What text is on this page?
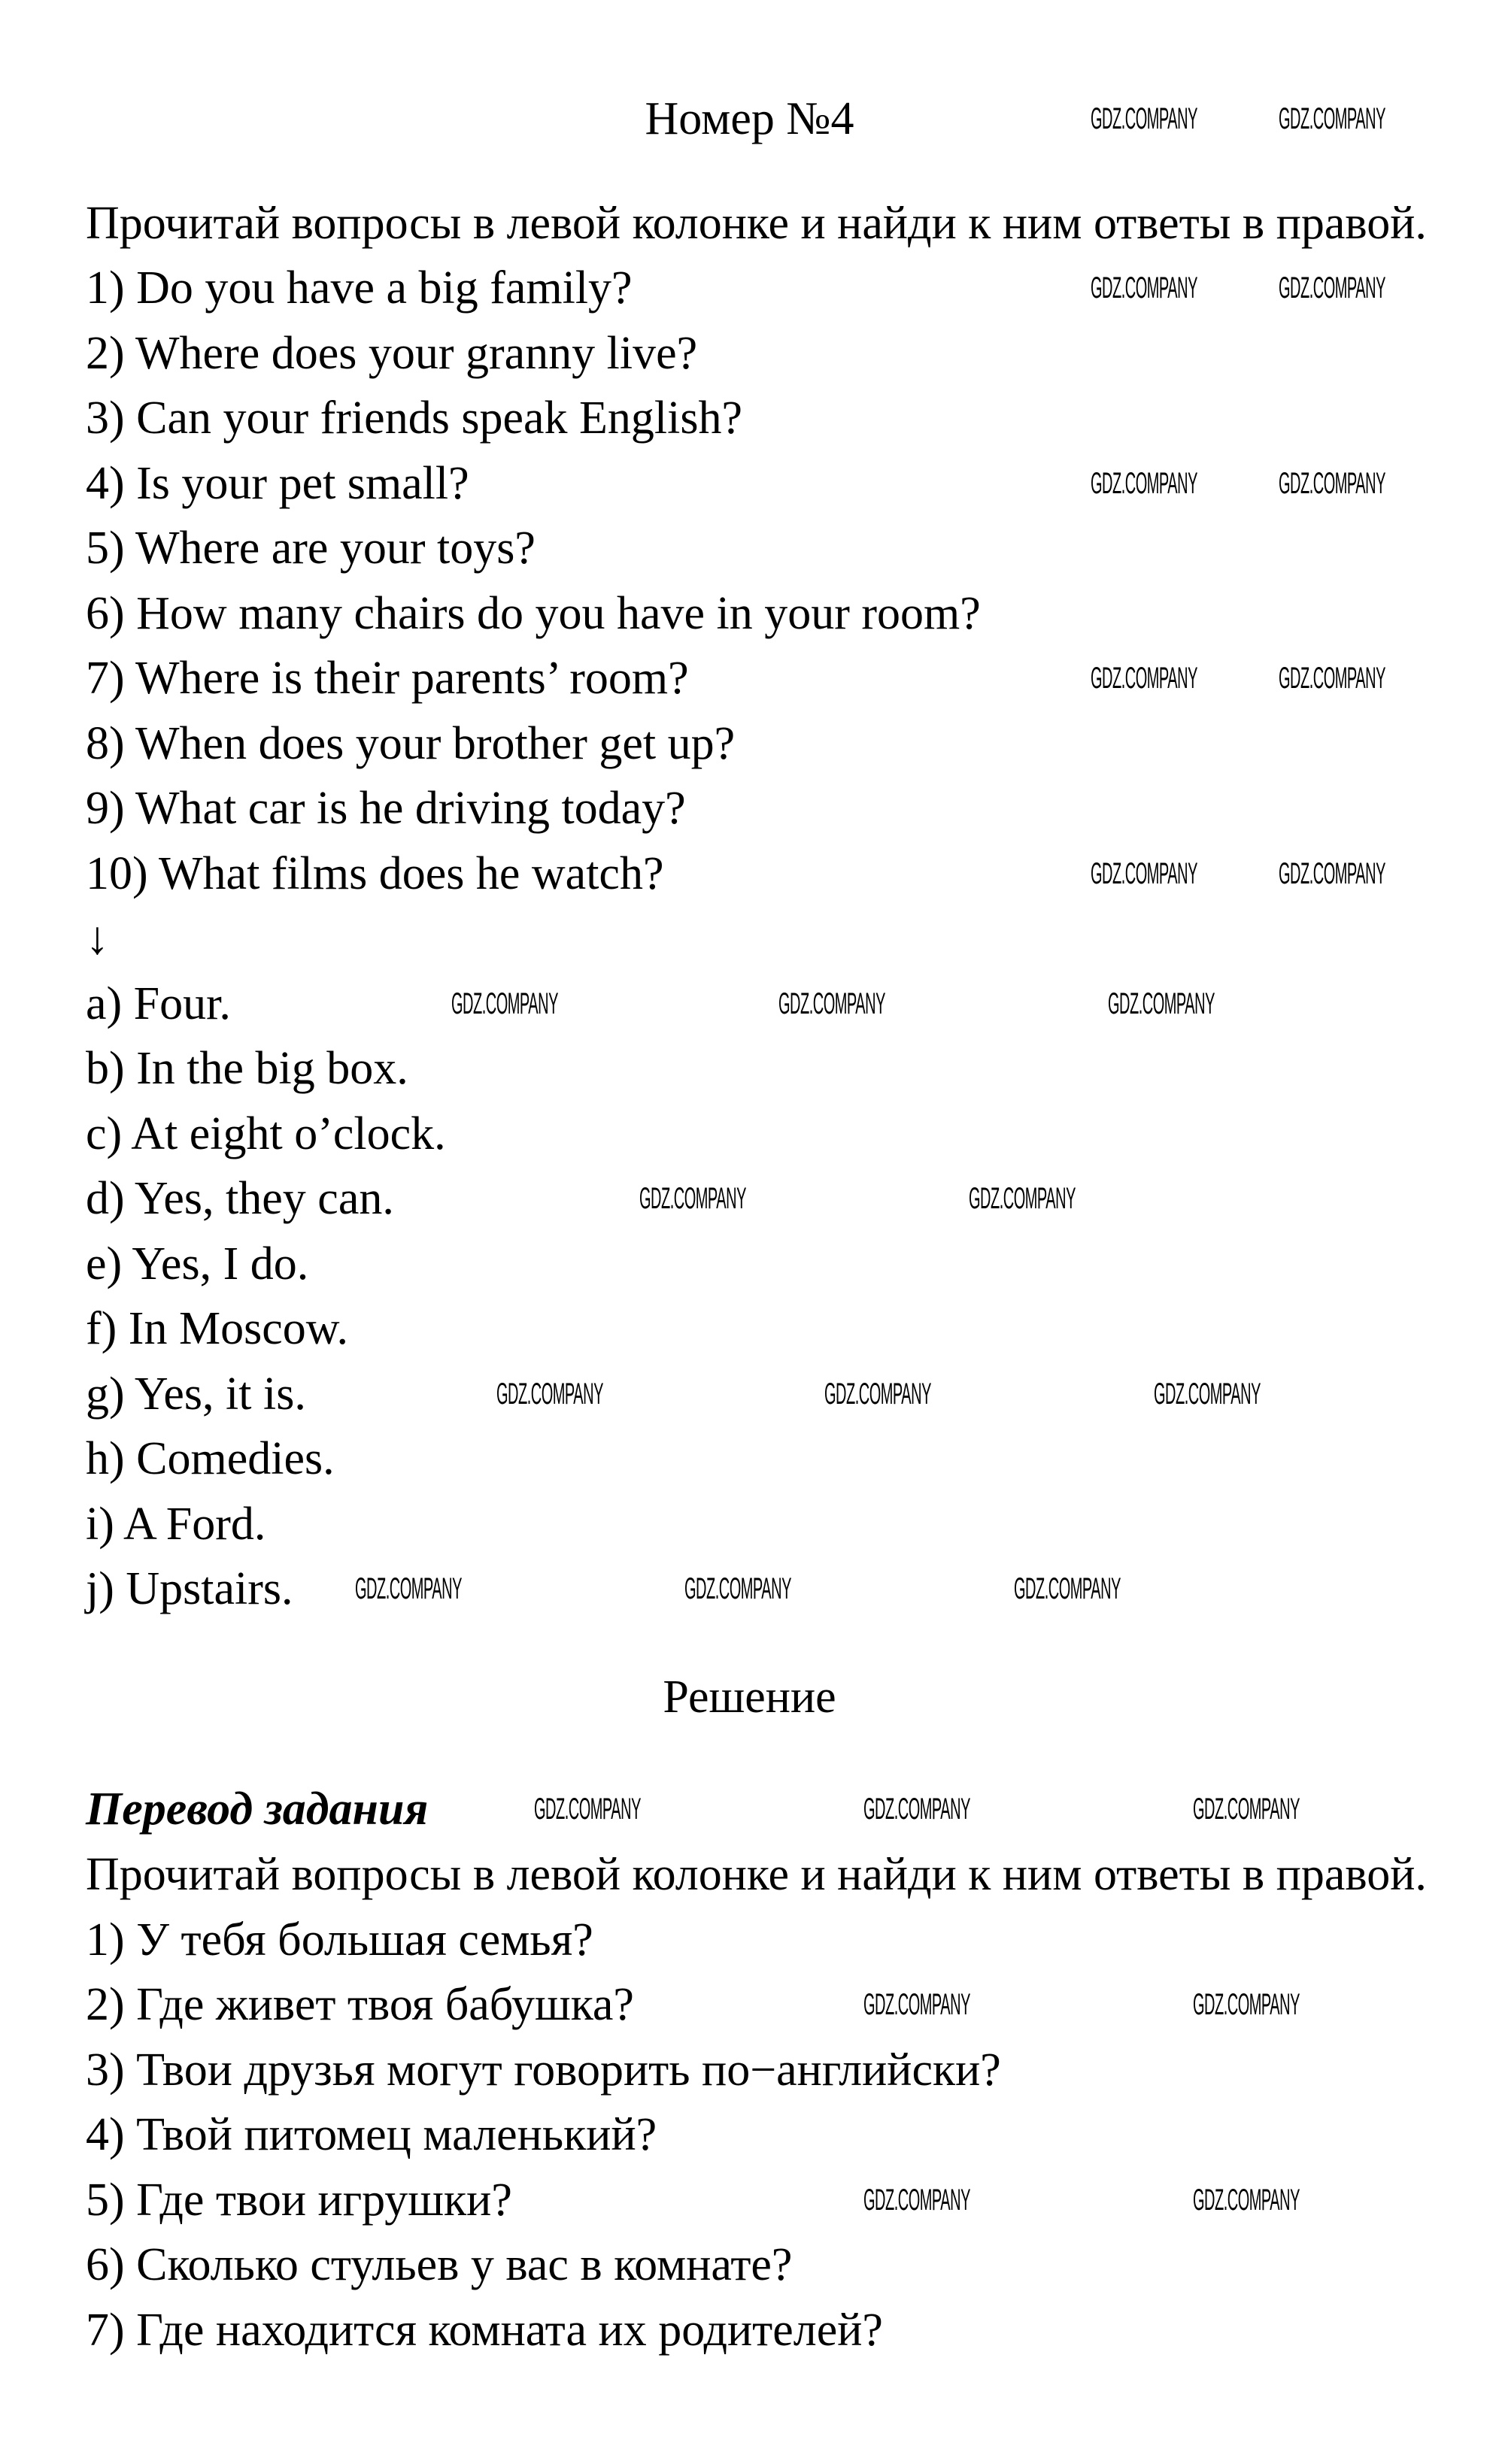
Номер №4
Прочитай вопросы в левой колонке и найди к ним ответы в правой.
1) Do you have a big family?
2) Where does your granny live?
3) Can your friends speak English?
4) Is your pet small?
5) Where are your toys?
6) How many chairs do you have in your room?
7) Where is their parents’ room?
8) When does your brother get up?
9) What car is he driving today?
10) What films does he watch?
↓
a) Four.
b) In the big box.
c) At eight o’clock.
d) Yes, they can.
e) Yes, I do.
f) In Moscow.
g) Yes, it is.
h) Comedies.
i) A Ford.
j) Upstairs.
Решение
Перевод задания
Прочитай вопросы в левой колонке и найди к ним ответы в правой.
1) У тебя большая семья?
2) Где живет твоя бабушка?
3) Твои друзья могут говорить по−английски?
4) Твой питомец маленький?
5) Где твои игрушки?
6) Сколько стульев у вас в комнате?
7) Где находится комната их родителей?
GDZ.COMPANY	GDZ.COMPANY
GDZ.COMPANY	GDZ.COMPANY
GDZ.COMPANY	GDZ.COMPANY
GDZ.COMPANY	GDZ.COMPANY
GDZ.COMPANY	GDZ.COMPANY
GDZ.COMPANY	GDZ.COMPANY	GDZ.COMPANY
GDZ.COMPANY	GDZ.COMPANY
GDZ.COMPANY	GDZ.COMPANY	GDZ.COMPANY
GDZ.COMPANY	GDZ.COMPANY	GDZ.COMPANY
GDZ.COMPANY	GDZ.COMPANY	GDZ.COMPANY
GDZ.COMPANY	GDZ.COMPANY
GDZ.COMPANY	GDZ.COMPANY
